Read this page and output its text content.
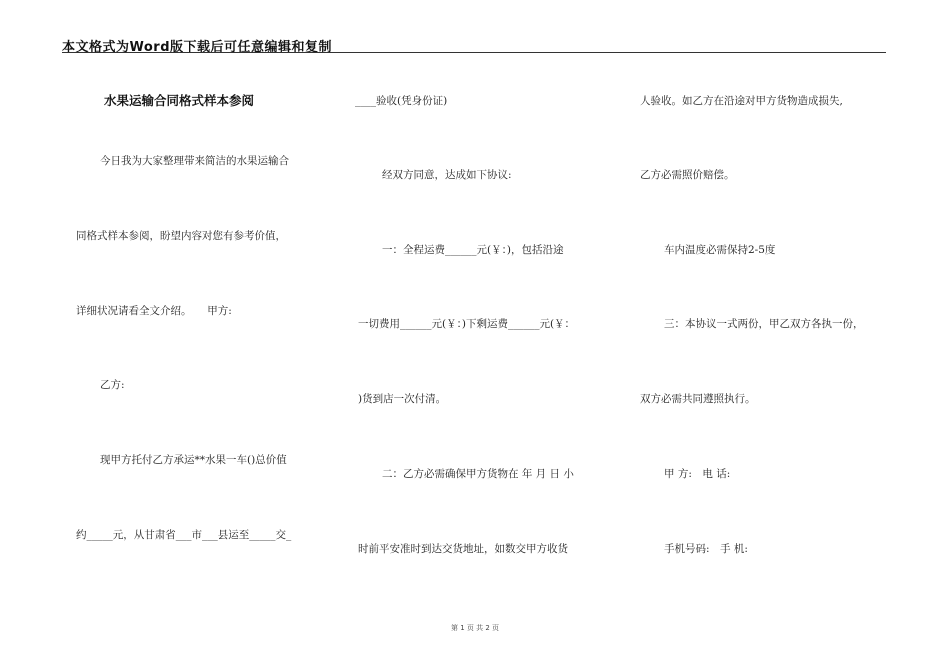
本文格式为Word版下载后可任意编辑和复制
水果运输合同格式样本参阅
今日我为大家整理带来简洁的水果运输合
同格式样本参阅，盼望内容对您有参考价值，
详细状况请看全文介绍。　　甲方:
乙方:
现甲方托付乙方承运**水果一车()总价值
约_____元，从甘肃省___市___县运至_____交_
____验收(凭身份证)
经双方同意，达成如下协议:
一：全程运费______元(￥：)，包括沿途
一切费用______元(￥：)下剩运费______元(￥：
)货到店一次付清。
二：乙方必需确保甲方货物在 年 月 日 小
时前平安准时到达交货地址，如数交甲方收货
人验收。如乙方在沿途对甲方货物造成损失,
乙方必需照价赔偿。
车内温度必需保持2-5度
三：本协议一式两份，甲乙双方各执一份，
双方必需共同遵照执行。
甲 方:　电 话:
手机号码:　手 机:
第 1 页 共 2 页
